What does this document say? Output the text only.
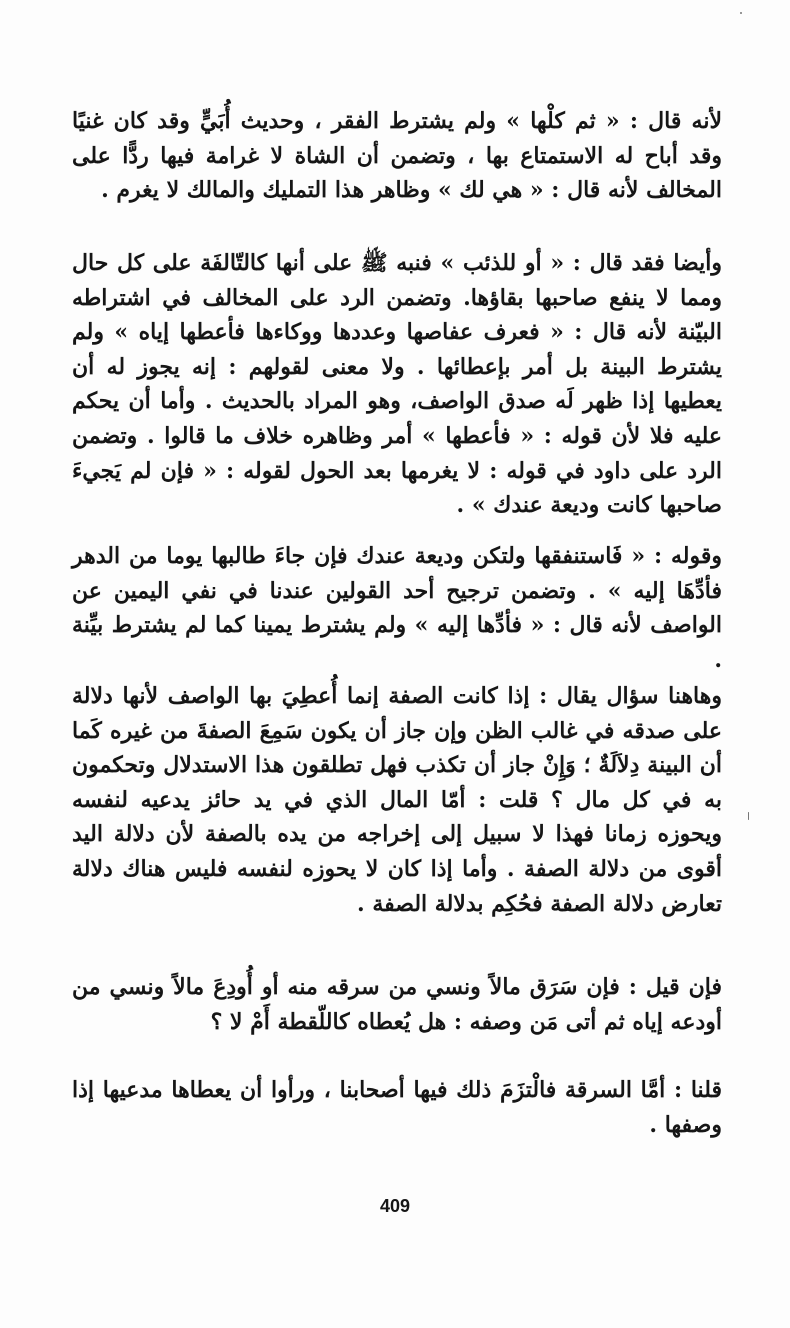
لأنه قال : « ثم كلْها » ولم يشترط الفقر ، وحديث أُبَيٍّ وقد كان غنيًا وقد أباح له الاستمتاع بها ، وتضمن أن الشاة لا غرامة فيها ردًّا على المخالف لأنه قال : « هي لك » وظاهر هذا التمليك والمالك لا يغرم .

وأيضا فقد قال : « أو للذئب » فنبه ﷺ على أنها كالتّالفَة على كل حال ومما لا ينفع صاحبها بقاؤها. وتضمن الرد على المخالف في اشتراطه البيّنة لأنه قال : « فعرف عفاصها وعددها ووكاءها فأعطها إياه » ولم يشترط البينة بل أمر بإعطائها . ولا معنى لقولهم : إنه يجوز له أن يعطيها إذا ظهر لَه صدق الواصف، وهو المراد بالحديث . وأما أن يحكم عليه فلا لأن قوله : « فأعطها » أمر وظاهره خلاف ما قالوا . وتضمن الرد على داود في قوله : لا يغرمها بعد الحول لقوله : « فإن لم يَجيءَ صاحبها كانت وديعة عندك » .

وقوله : « فَاستنفقها ولتكن وديعة عندك فإن جاءَ طالبها يوما من الدهر فأدِّهَا إليه » . وتضمن ترجيح أحد القولين عندنا في نفي اليمين عن الواصف لأنه قال : « فأدِّها إليه » ولم يشترط يمينا كما لم يشترط بيِّنة .

وهاهنا سؤال يقال : إذا كانت الصفة إنما أُعطِيَ بها الواصف لأنها دلالة على صدقه في غالب الظن وإن جاز أن يكون سَمِعَ الصفةَ من غيره كَما أن البينة دِلاَلَةٌ ؛ وَإِنْ جاز أن تكذب فهل تطلقون هذا الاستدلال وتحكمون به في كل مال ؟ قلت : أمّا المال الذي في يد حائز يدعيه لنفسه ويحوزه زمانا فهذا لا سبيل إلى إخراجه من يده بالصفة لأن دلالة اليد أقوى من دلالة الصفة . وأما إذا كان لا يحوزه لنفسه فليس هناك دلالة تعارض دلالة الصفة فحُكِم بدلالة الصفة .

فإن قيل : فإن سَرَق مالاً ونسي من سرقه منه أو أُودِعَ مالاً ونسي من أودعه إياه ثم أتى مَن وصفه : هل يُعطاه كاللّقطة أَمْ لا ؟

قلنا : أمَّا السرقة فالْتزَمَ ذلك فيها أصحابنا ، ورأوا أن يعطاها مدعيها إذا وصفها .

409
